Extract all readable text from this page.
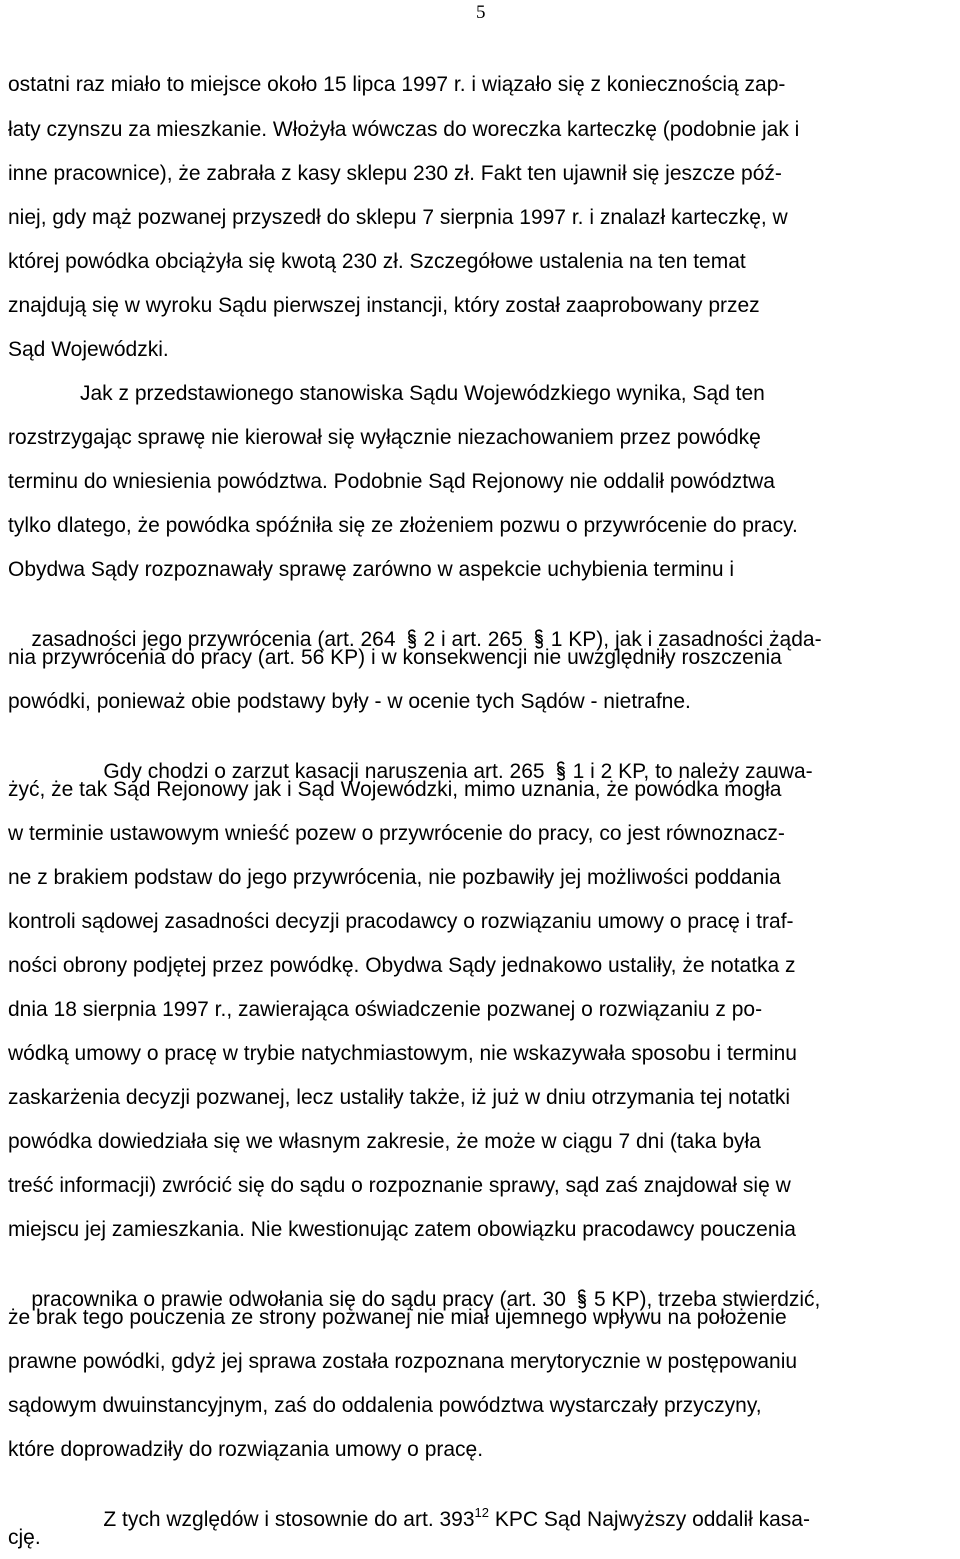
5
ostatni raz miało to miejsce około 15 lipca 1997 r. i wiązało się z koniecznością zap-
łaty czynszu za mieszkanie. Włożyła wówczas do woreczka karteczkę (podobnie jak i
inne pracownice), że zabrała z kasy sklepu 230 zł. Fakt ten ujawnił się jeszcze póź-
niej, gdy mąż pozwanej przyszedł do sklepu 7 sierpnia 1997 r. i znalazł karteczkę, w
której powódka obciążyła się kwotą 230 zł. Szczegółowe ustalenia na ten temat
znajdują się w wyroku Sądu pierwszej instancji, który został zaaprobowany przez
Sąd Wojewódzki.
Jak z przedstawionego stanowiska Sądu Wojewódzkiego wynika, Sąd ten
rozstrzygając sprawę nie kierował się wyłącznie niezachowaniem przez powódkę
terminu do wniesienia powództwa. Podobnie Sąd Rejonowy nie oddalił powództwa
tylko dlatego, że powódka spóźniła się ze złożeniem pozwu o przywrócenie do pracy.
Obydwa Sądy rozpoznawały sprawę zarówno w aspekcie uchybienia terminu i

zasadności jego przywrócenia (art. 264 2 i art. 265 1 KP), jak i zasadności żąda-

nia przywrócenia do pracy (art. 56 KP) i w konsekwencji nie uwzględniły roszczenia
powódki, ponieważ obie podstawy były - w ocenie tych Sądów - nietrafne.

Gdy chodzi o zarzut kasacji naruszenia art. 265 1 i 2 KP, to należy zauwa-

żyć, że tak Sąd Rejonowy jak i Sąd Wojewódzki, mimo uznania, że powódka mogła
w terminie ustawowym wnieść pozew o przywrócenie do pracy, co jest równoznacz-
ne z brakiem podstaw do jego przywrócenia, nie pozbawiły jej możliwości poddania
kontroli sądowej zasadności decyzji pracodawcy o rozwiązaniu umowy o pracę i traf-
ności obrony podjętej przez powódkę. Obydwa Sądy jednakowo ustaliły, że notatka z
dnia 18 sierpnia 1997 r., zawierająca oświadczenie pozwanej o rozwiązaniu z po-
wódką umowy o pracę w trybie natychmiastowym, nie wskazywała sposobu i terminu
zaskarżenia decyzji pozwanej, lecz ustaliły także, iż już w dniu otrzymania tej notatki
powódka dowiedziała się we własnym zakresie, że może w ciągu 7 dni (taka była
treść informacji) zwrócić się do sądu o rozpoznanie sprawy, sąd zaś znajdował się w
miejscu jej zamieszkania. Nie kwestionując zatem obowiązku pracodawcy pouczenia

pracownika o prawie odwołania się do sądu pracy (art. 30 5 KP), trzeba stwierdzić,

że brak tego pouczenia ze strony pozwanej nie miał ujemnego wpływu na położenie
prawne powódki, gdyż jej sprawa została rozpoznana merytorycznie w postępowaniu
sądowym dwuinstancyjnym, zaś do oddalenia powództwa wystarczały przyczyny,
które doprowadziły do rozwiązania umowy o pracę.

Z tych względów i stosownie do art. $393^{12}$ KPC Sąd Najwyższy oddalił kasa-

cję.
